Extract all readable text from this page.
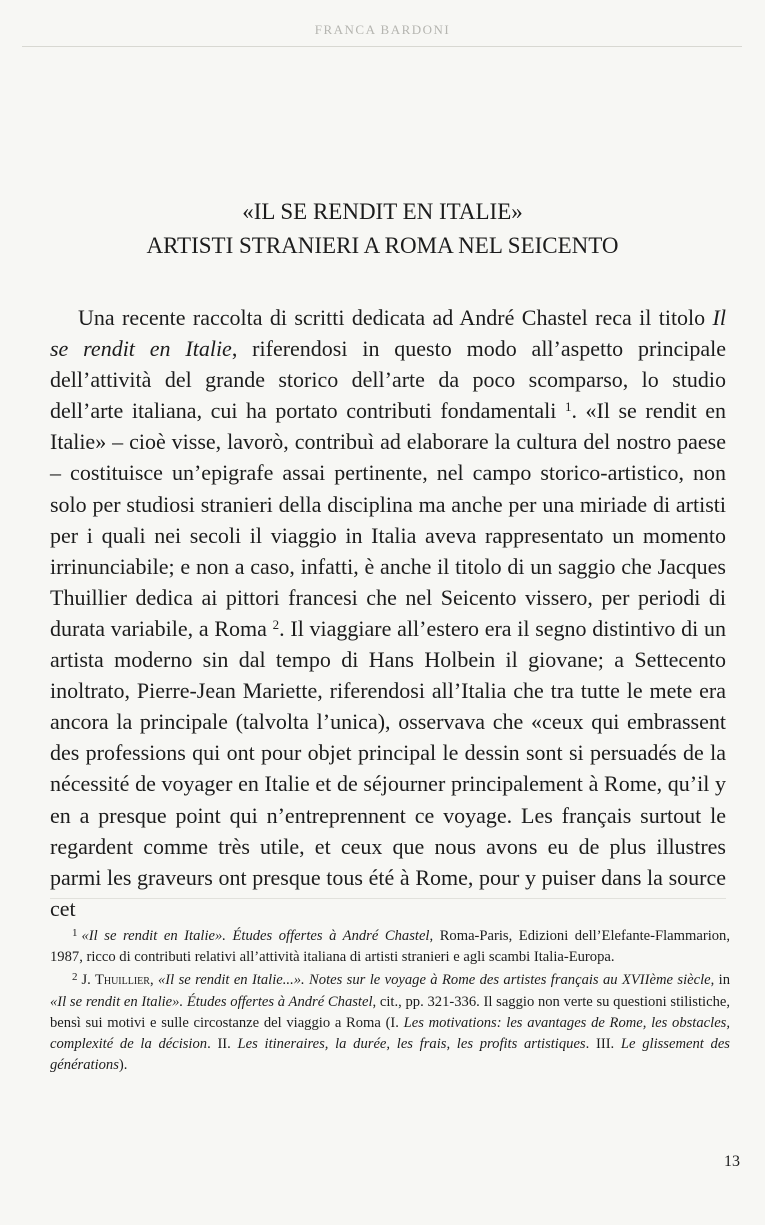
FRANCA BARDONI
«IL SE RENDIT EN ITALIE»
ARTISTI STRANIERI A ROMA NEL SEICENTO

Una recente raccolta di scritti dedicata ad André Chastel reca il titolo Il se rendit en Italie, riferendosi in questo modo all’aspetto principale dell’attività del grande storico dell’arte da poco scomparso, lo studio dell’arte italiana, cui ha portato contributi fondamentali $^1$. «Il se rendit en Italie» – cioè visse, lavorò, contribuì ad elaborare la cultura del nostro paese – costituisce un’epigrafe assai pertinente, nel campo storico-artistico, non solo per studiosi stranieri della disciplina ma anche per una miriade di artisti per i quali nei secoli il viaggio in Italia aveva rappresentato un momento irrinunciabile; e non a caso, infatti, è anche il titolo di un saggio che Jacques Thuillier dedica ai pittori francesi che nel Seicento vissero, per periodi di durata variabile, a Roma $^2$. Il viaggiare all’estero era il segno distintivo di un artista moderno sin dal tempo di Hans Holbein il giovane; a Settecento inoltrato, Pierre-Jean Mariette, riferendosi all’Italia che tra tutte le mete era ancora la principale (talvolta l’unica), osservava che «ceux qui embrassent des professions qui ont pour objet principal le dessin sont si persuadés de la nécessité de voyager en Italie et de séjourner principalement à Rome, qu’il y en a presque point qui n’entreprennent ce voyage. Les français surtout le regardent comme très utile, et ceux que nous avons eu de plus illustres parmi les graveurs ont presque tous été à Rome, pour y puiser dans la source cet

$^1$ «Il se rendit en Italie». Études offertes à André Chastel, Roma-Paris, Edizioni dell’Elefante-Flammarion, 1987, ricco di contributi relativi all’attività italiana di artisti stranieri e agli scambi Italia-Europa.

$^2$ J. Thuillier, «Il se rendit en Italie...». Notes sur le voyage à Rome des artistes français au XVIIème siècle, in «Il se rendit en Italie». Études offertes à André Chastel, cit., pp. 321-336. Il saggio non verte su questioni stilistiche, bensì sui motivi e sulle circostanze del viaggio a Roma (I. Les motivations: les avantages de Rome, les obstacles, complexité de la décision. II. Les itineraires, la durée, les frais, les profits artistiques. III. Le glissement des générations).

13
